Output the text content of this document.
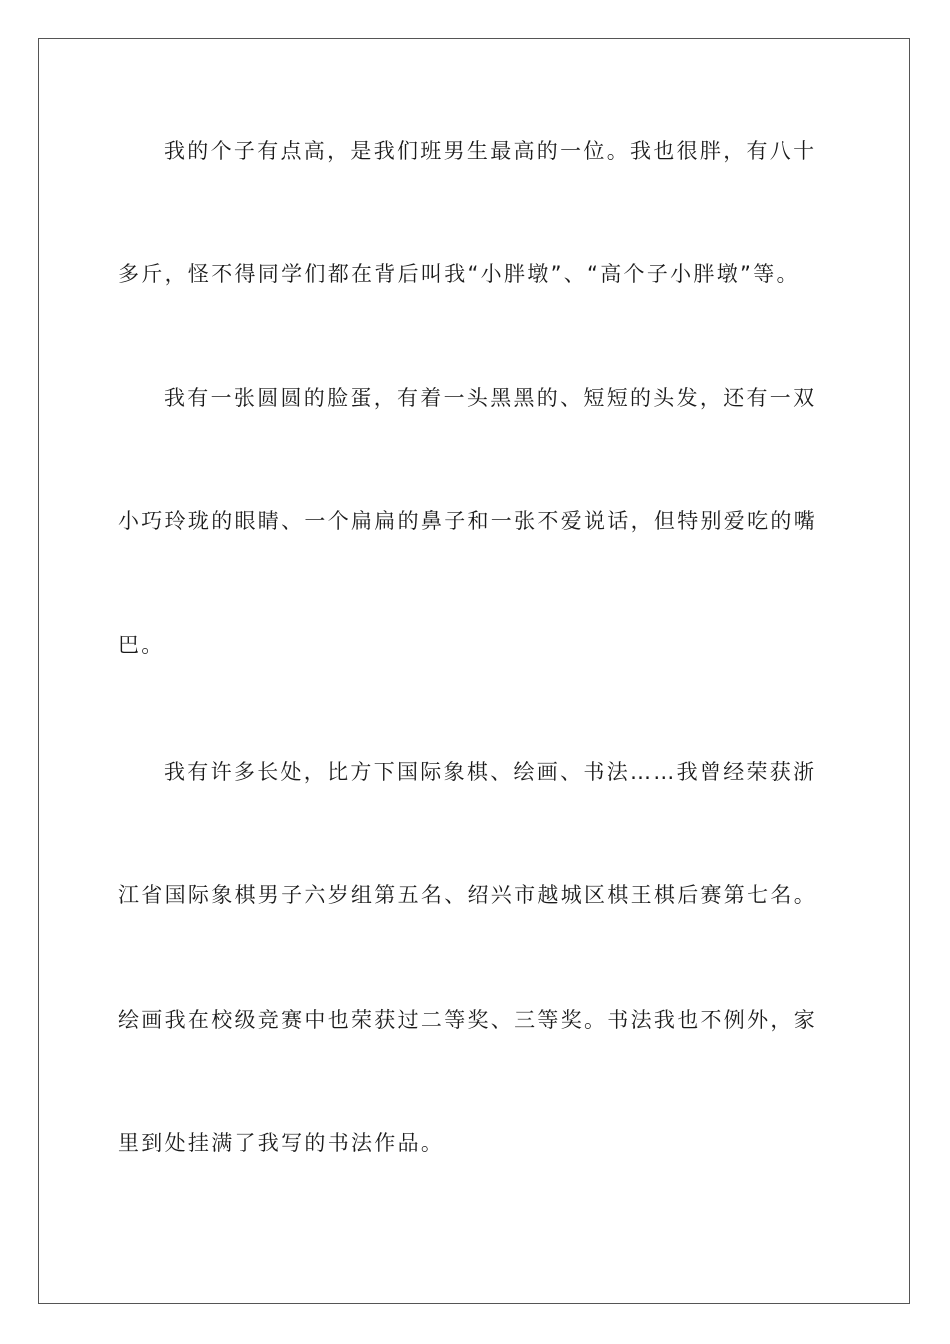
我的个子有点高，是我们班男生最高的一位。我也很胖，有八十
多斤，怪不得同学们都在背后叫我“小胖墩”、“高个子小胖墩”等。
我有一张圆圆的脸蛋，有着一头黑黑的、短短的头发，还有一双
小巧玲珑的眼睛、一个扁扁的鼻子和一张不爱说话，但特别爱吃的嘴
巴。
我有许多长处，比方下国际象棋、绘画、书法……我曾经荣获浙
江省国际象棋男子六岁组第五名、绍兴市越城区棋王棋后赛第七名。
绘画我在校级竞赛中也荣获过二等奖、三等奖。书法我也不例外，家
里到处挂满了我写的书法作品。
